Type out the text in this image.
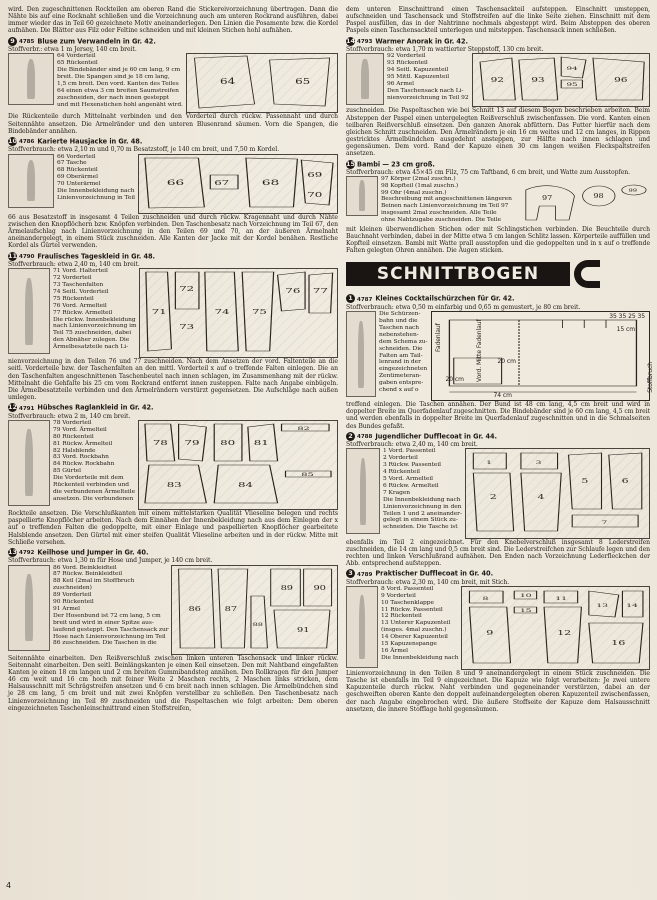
wird. Den zugeschnittenen Rockteilen am oberen Rand die Stickereivorzeichnung übertragen. Dann die Nähte bis auf eine Rocknaht schließen und die Vorzeichnung auch am unteren Rockrand ausführen, dabei immer wieder das in Teil 60 gezeichnete Motiv aneinanderlegen. Den Linien die Posamente bzw. die Kordel aufnähen. Die Blätter aus Filz oder Feltine schneiden und mit kleinen Stichen hohl aufnähen.

9 4785 Bluse zum Verwandeln in Gr. 42.
Stoffverbr.: etwa 1 m Jersey, 140 cm breit.
64 Vorderteil
65 Rückenteil
Die Bindebänder sind je 60 cm lang, 9 cm
breit. Die Spangen sind je 18 cm lang,
1,5 cm breit. Den vord. Kanten des Teiles
64 einen etwa 3 cm breiten Saumstreifen
zuschneiden, der nach innen gesteppt
und mit Hexenstichen hohl angenäht wird.
64	65

Die Rückenteile durch Mittelnaht verbinden und den Vorderteil durch rückw. Passennaht und durch Seitennähte ansetzen. Die Armelränder und den unteren Blusenrand säumen. Vorn die Spangen, die Bindebänder annähen.

10 4786 Karierte Hausjacke in Gr. 48.
Stoffverbrauch: etwa 2,10 m und 0,70 m Besatzstoff, je 140 cm breit, und 7,50 m Kordel.
66 Vorderteil
67 Tasche
68 Rückenteil
69 Oberärmel
70 Unterärmel
Die Innenbekleidung nach
Linienvorzeichnung in Teil
66	67	68
69
70

66 aus Besatzstoff in insgesamt 4 Teilen zuschneiden und durch rückw. Kragennaht und durch Nähte zwischen den Knopflöchern bzw. Knöpfen verbinden. Den Taschenbesatz nach Vorzeichnung im Teil 67, den Ärmelaufschlag nach Linienvorzeichnung in den Teilen 69 und 70, an der äußeren Ärmelnaht aneinandergelegt, in einem Stück zuschneiden. Alle Kanten der Jacke mit der Kordel benähen. Restliche Kordel als Gürtel verwenden.

11 4790 Fraulisches Tageskleid in Gr. 48.
Stoffverbrauch: etwa 2,40 m, 140 cm breit.
71 Vord. Halterteil
72 Vorderteil
73 Taschenfalten
74 Seitl. Vorderteil
75 Rückenteil
76 Vord. Armelteil
77 Rückw. Armelteil
Die rückw. Innenbekleidung
nach Linienvorzeichnung im
Teil 75 zuschneiden, dabei
den Abnäher zulegen. Die
Ärmelbesatzteile nach Li-
71
72
73
74	75
76 77

nienvorzeichnung in den Teilen 76 und 77 zuschneiden. Nach dem Ansetzen der vord. Faltenteile an die seitl. Vorderteile bzw. der Taschenfalten an den mittl. Vorderteil x auf o treffende Falten einlegen. Die an den Taschenfalten angeschnittenen Taschenbeutel nach innen schlagen, im Zusammenhang mit der rückw. Mittelnaht die Gehfalte bis 25 cm vom Rockrand entfernt innen zusteppen. Falte nach Angabe einbügeln. Die Ärmelbesatzteile verbinden und den Ärmelrändern verstürzt gegensetzen. Die Aufschläge nach außen umlegen.

12 4791 Hübsches Raglankleid in Gr. 42.
Stoffverbrauch: etwa 2 m, 140 cm breit.
78 Vorderteil
79 Vord. Ärmelteil
80 Rückenteil
81 Rückw. Ärmelteil
82 Halsblende
83 Vord. Rockbahn
84 Rückw. Rockbahn
85 Gürtel
Die Vorderteile mit dem
Rückenteil verbinden und
die verbundenen Ärmelteile
ansetzen. Die verbundenen
78	79	80	81
82
83	84
85

Rockteile ansetzen. Die Verschlußkanten mit einem mittelstarken Qualität Vlieseline belegen und rechts paspellierte Knopflöcher arbeiten. Nach dem Einnähen der Innenbekleidung nach aus dem Einlegen der x auf o treffenden Falten die gedoppelte, mit einer Einlage und paspellierten Knopflöcher gearbeitete Halsblende ansetzen. Den Gürtel mit einer steifen Qualität Vlieseline arbeiten und in der rückw. Mitte mit Schließe versehen.

13 4792 Keilhose und Jumper in Gr. 40.
Stoffverbrauch: etwa 1,30 m für Hose und Jumper, je 140 cm breit.
86 Vord. Beinkleidteil
87 Rückw. Beinkleidteil
88 Keil (2mal im Stoffbruch
zuschneiden)
89 Vorderteil
90 Rückenteil
91 Armel
Der Hosenbund ist 72 cm lang, 5 cm
breit und wird in einer Spitze aus-
laufend gesteppt. Den Taschensack zur
Hose nach Linienvorzeichnung im Teil
86 zuschneiden. Die Taschen in die
86	87
88
89	90
91

Seitennähte einarbeiten. Den Reißverschluß zwischen linken unteren Taschensack und linker rückw. Seitennaht einarbeiten. Den seitl. Beinlängskanten je einen Keil einsetzen. Den mit Nahtband eingefaßten Kanten je einen 18 cm langen und 2 cm breiten Gummibandsteg annähen. Den Rollkragen für den Jumper 46 cm weit und 16 cm hoch mit feiner Weite 2 Maschen rechts, 2 Maschen links stricken, dem Halsausschnitt mit Schrägstreifen ansetzen und 6 cm breit nach innen schlagen. Die Ärmelbündchen sind je 28 cm lang, 5 cm breit und mit zwei Knöpfen verstellbar zu schließen. Den Taschenbesatz nach Linienvorzeichnung im Teil 89 zuschneiden und die Paspeltaschen wie folgt arbeiten: Dem oberen eingezeichneten Taschenleinschnittrand einen Stoffstreifen,

dem unteren Einschnittrand einen Taschensackteil aufsteppen. Einschnitt umsteppen, aufschneiden und Taschensack und Stoffstreifen auf die linke Seite ziehen. Einschnitt mit dem Paspel ausfüllen, das in der Nahtrinne nochmals abgesteppt wird. Beim Absteppen des oberen Paspels einen Taschensackteil unterlegen und mitsteppen. Taschensack innen schließen.

14 4793 Warmer Anorak in Gr. 42.
Stoffverbrauch: etwa 1,70 m wattierter Steppstoff, 130 cm breit.
92 Vorderteil
93 Rückenteil
94 Seitl. Kapuzenteil
95 Mittl. Kapuzenteil
96 Armel
Den Taschensack nach Li-
nienvorzeichnung in Teil 92
92	93
94
95
96

zuschneiden. Die Paspeltaschen wie bei Schnitt 13 auf diesem Bogen beschrieben arbeiten. Beim Absteppen der Paspel einen untergelegten Reißverschluß zwischenfassen. Die vord. Kanten einen teilbaren Reißverschluß einsetzen. Den ganzen Anorak abfüttern. Das Futter hierfür nach dem gleichen Schnitt zuschneiden. Den Ärmelrändern je ein 16 cm weites und 12 cm langes, in Rippen gestricktes Ärmelbündchen ausgedehnt ansteppen, zur Hälfte nach innen schlagen und gegensäumen. Dem vord. Rand der Kapuze einen 30 cm langen weißen Fleckspaltstreifen ansetzen.

15 Bambi — 23 cm groß.
Stoffverbrauch: etwa 45×45 cm Filz, 75 cm Taftband, 6 cm breit, und Watte zum Ausstopfen.
97 Körper (2mal zuschn.)
98 Kopfteil (1mal zuschn.)
99 Ohr (4mal zuschn.)
Beschreibung mit angeschnittenen längeren
Beinen nach Linienvorzeichnung im Teil 97
insgesamt 2mal zuschneiden. Alle Teile
ohne Nahtzugabe zuschneiden. Die Teile
97	98
99

mit kleinen überwendlichen Stichen oder mit Schlingstichen verbinden. Die Beuchteile durch Bauchnaht verbinden, dabei in der Mitte etwa 5 cm langen Schlitz lassen. Körperteile auffüllen und Kopfteil einsetzen. Bambi mit Watte prall ausstopfen und die gedoppelten und in x auf o treffende Falten gelegten Ohren annähen. Die Augen sticken.

SCHNITTBOGEN
1 4787 Kleines Cocktailschürzchen für Gr. 42.
Stoffverbrauch: etwa 0,50 m einfarbig und 0,65 m gemustert, je 80 cm breit.
Die Schürzen-
bahn und die
Taschen nach
nebenstehen-
dem Schema zu-
schneiden. Die
Falten am Tail-
lenrand in der
eingezeichneten
Zentimeteran-
gaben entspre-
chend x auf o
35 35 25 35
Fadenlauf	Vord. Mitte Fadenlauf	Stoffbruch
20 cm
20 cm
74 cm
15 cm

treffend einlegen. Die Taschen annähen. Der Bund ist 48 cm lang, 4,5 cm breit und wird in doppelter Breite im Querfadenlauf zugeschnitten. Die Bindebänder sind je 60 cm lang, 4,5 cm breit und werden ebenfalls in doppelter Breite im Querfadenlauf zugeschnitten und in die Schmalseiten des Bundes gefaßt.

2 4788 Jugendlicher Dufflecoat in Gr. 44.
Stoffverbrauch: etwa 2,40 m, 140 cm breit.
1 Vord. Passenteil
2 Vorderteil
3 Rückw. Passenteil
4 Rückenteil
5 Vord. Armelteil
6 Rückw. Armelteil
7 Kragen
Die Innenbekleidung nach
Linienvorzeichnung in den
Teilen 1 und 2 aneinander-
gelegt in einem Stück zu-
schneiden. Die Tasche ist
1
2
3
4
5	6
7

ebenfalls im Teil 2 eingezeichnet. Für den Knebelverschluß insgesamt 8 Lederstreifen zuschneiden, die 14 cm lang und 0,5 cm breit sind. Die Lederstreifchen zur Schlaufe legen und den rechten und linken Verschlußrand aufnähen. Den Enden nach Vorzeichnung Lederfleckchen der Abb. entsprechend aufsteppen.

3 4789 Praktischer Dufflecoat in Gr. 40.
Stoffverbrauch: etwa 2,30 m, 140 cm breit, mit Stich.
8 Vord. Passenteil
9 Vorderteil
10 Taschenklappe
11 Rückw. Passenteil
12 Rückenteil
13 Unterer Kapuzenteil
(insges. 4mal zuschn.)
14 Oberer Kapuzenteil
15 Kapuzenspange
16 Ärmel
Die Innenbekleidung nach
8
9
10	11
12
13	14
15
16

Linienvorzeichnung in den Teilen 8 und 9 aneinandergelegt in einem Stück zuschneiden. Die Tasche ist ebenfalls im Teil 9 eingezeichnet. Die Kapuze wie folgt verarbeiten: Je zwei untere Kapuzenteile durch rückw. Naht verbinden und gegeneinander verstürzen, dabei an der geschweiften oberen Kante den doppelt aufeinandergelegten oberen Kapuzenteil zwischenfassen, der nach Angabe eingebrochen wird. Die äußere Stoffseite der Kapuze dem Halsausschnitt ansetzen, die innere Stofflage hohl gegensäumen.

4
